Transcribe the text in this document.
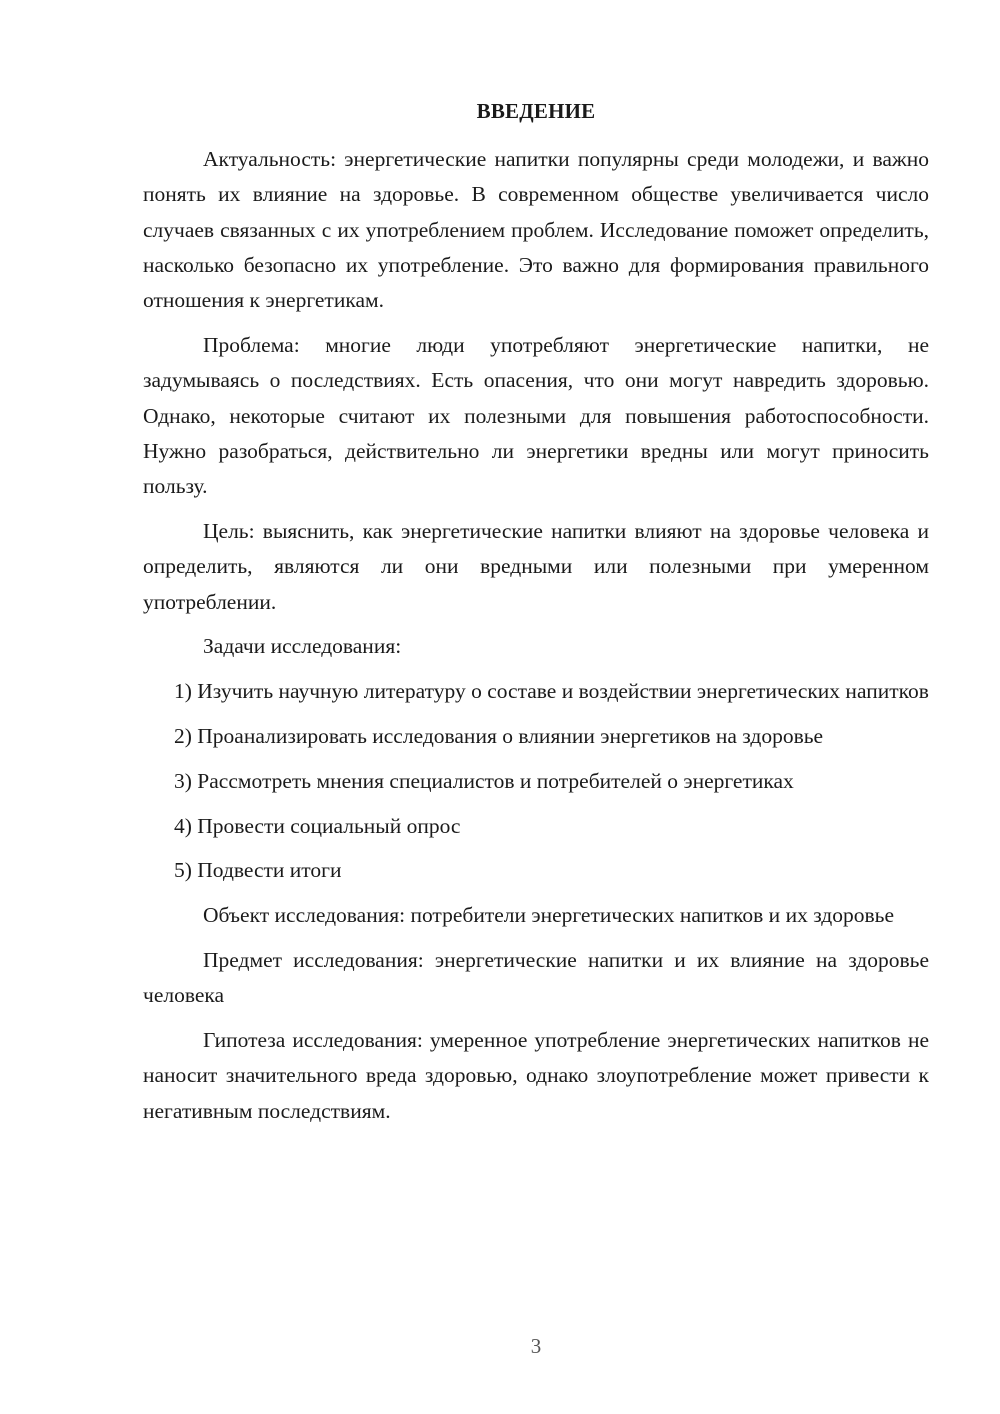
ВВЕДЕНИЕ

Актуальность: энергетические напитки популярны среди молодежи, и важно понять их влияние на здоровье. В современном обществе увеличивается число случаев связанных с их употреблением проблем. Исследование поможет определить, насколько безопасно их употребление. Это важно для формирования правильного отношения к энергетикам.

Проблема: многие люди употребляют энергетические напитки, не задумываясь о последствиях. Есть опасения, что они могут навредить здоровью. Однако, некоторые считают их полезными для повышения работоспособности. Нужно разобраться, действительно ли энергетики вредны или могут приносить пользу.

Цель: выяснить, как энергетические напитки влияют на здоровье человека и определить, являются ли они вредными или полезными при умеренном употреблении.

Задачи исследования:

1) Изучить научную литературу о составе и воздействии энергетических напитков

2) Проанализировать исследования о влиянии энергетиков на здоровье

3) Рассмотреть мнения специалистов и потребителей о энергетиках

4) Провести социальный опрос

5) Подвести итоги

Объект исследования: потребители энергетических напитков и их здоровье

Предмет исследования: энергетические напитки и их влияние на здоровье человека

Гипотеза исследования: умеренное употребление энергетических напитков не наносит значительного вреда здоровью, однако злоупотребление может привести к негативным последствиям.

3
